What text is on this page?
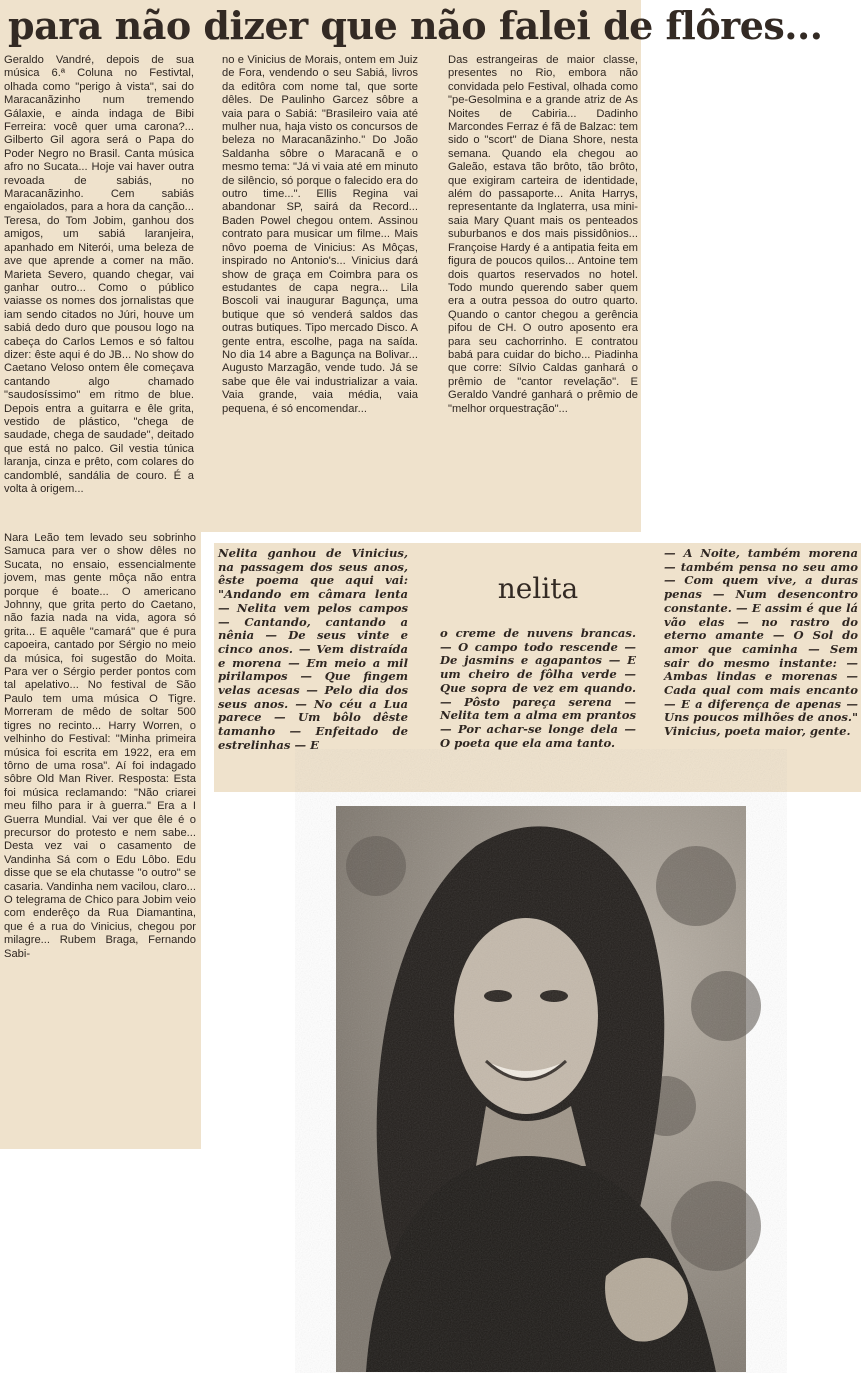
para não dizer que não falei de flôres...

Geraldo Vandré, depois de sua música 6.ª Coluna no Festivtal, olhada como "perigo à vista", sai do Maracanãzinho num tremendo Gálaxie, e ainda indaga de Bibi Ferreira: você quer uma carona?... Gilberto Gil agora será o Papa do Poder Negro no Brasil. Canta música afro no Sucata... Hoje vai haver outra revoada de sabiás, no Maracanãzinho. Cem sabiás engaiolados, para a hora da canção... Teresa, do Tom Jobim, ganhou dos amigos, um sabiá laranjeira, apanhado em Niterói, uma beleza de ave que aprende a comer na mão. Marieta Severo, quando chegar, vai ganhar outro... Como o público vaiasse os nomes dos jornalistas que iam sendo citados no Júri, houve um sabiá dedo duro que pousou logo na cabeça do Carlos Lemos e só faltou dizer: êste aqui é do JB... No show do Caetano Veloso ontem êle começava cantando algo chamado "saudosíssimo" em ritmo de blue. Depois entra a guitarra e êle grita, vestido de plástico, "chega de saudade, chega de saudade", deitado que está no palco. Gil vestia túnica laranja, cinza e prêto, com colares do candomblé, sandália de couro. É a volta à origem...

no e Vinicius de Morais, ontem em Juiz de Fora, vendendo o seu Sabiá, livros da editôra com nome tal, que sorte dêles. De Paulinho Garcez sôbre a vaia para o Sabiá: "Brasileiro vaia até mulher nua, haja visto os concursos de beleza no Maracanãzinho." Do João Saldanha sôbre o Maracanã e o mesmo tema: "Já vi vaia até em minuto de silêncio, só porque o falecido era do outro time...". Ellis Regina vai abandonar SP, sairá da Record... Baden Powel chegou ontem. Assinou contrato para musicar um filme... Mais nôvo poema de Vinicius: As Môças, inspirado no Antonio's... Vinicius dará show de graça em Coimbra para os estudantes de capa negra... Lila Boscoli vai inaugurar Bagunça, uma butique que só venderá saldos das outras butiques. Tipo mercado Disco. A gente entra, escolhe, paga na saída. No dia 14 abre a Bagunça na Bolivar... Augusto Marzagão, vende tudo. Já se sabe que êle vai industrializar a vaia. Vaia grande, vaia média, vaia pequena, é só encomendar...

Das estrangeiras de maior classe, presentes no Rio, embora não convidada pelo Festival, olhada como "pe-Gesolmina e a grande atriz de As Noites de Cabiria... Dadinho Marcondes Ferraz é fã de Balzac: tem sido o "scort" de Diana Shore, nesta semana. Quando ela chegou ao Galeão, estava tão brôto, tão brôto, que exigiram carteira de identidade, além do passaporte... Anita Harrys, representante da Inglaterra, usa mini-saia Mary Quant mais os penteados suburbanos e dos mais pissidônios... Françoise Hardy é a antipatia feita em figura de poucos quilos... Antoine tem dois quartos reservados no hotel. Todo mundo querendo saber quem era a outra pessoa do outro quarto. Quando o cantor chegou a gerência pifou de CH. O outro aposento era para seu cachorrinho. E contratou babá para cuidar do bicho... Piadinha que corre: Sílvio Caldas ganhará o prêmio de "cantor revelação". E Geraldo Vandré ganhará o prêmio de "melhor orquestração"...

Nara Leão tem levado seu sobrinho Samuca para ver o show dêles no Sucata, no ensaio, essencialmente jovem, mas gente môça não entra porque é boate... O americano Johnny, que grita perto do Caetano, não fazia nada na vida, agora só grita... E aquêle "camará" que é pura capoeira, cantado por Sérgio no meio da música, foi sugestão do Moita. Para ver o Sérgio perder pontos com tal apelativo... No festival de São Paulo tem uma música O Tigre. Morreram de mêdo de soltar 500 tigres no recinto... Harry Worren, o velhinho do Festival: "Minha primeira música foi escrita em 1922, era em tôrno de uma rosa". Aí foi indagado sôbre Old Man River. Resposta: Esta foi música reclamando: "Não criarei meu filho para ir à guerra." Era a I Guerra Mundial. Vai ver que êle é o precursor do protesto e nem sabe... Desta vez vai o casamento de Vandinha Sá com o Edu Lôbo. Edu disse que se ela chutasse "o outro" se casaria. Vandinha nem vacilou, claro... O telegrama de Chico para Jobim veio com enderêço da Rua Diamantina, que é a rua do Vinicius, chegou por milagre... Rubem Braga, Fernando Sabi-

Nelita ganhou de Vinicius, na passagem dos seus anos, êste poema que aqui vai: "Andando em câmara lenta — Nelita vem pelos campos — Cantando, cantando a nênia — De seus vinte e cinco anos. — Vem distraída e morena — Em meio a mil pirilampos — Que fingem velas acesas — Pelo dia dos seus anos. — No céu a Lua parece — Um bôlo dêste tamanho — Enfeitado de estrelinhas — E

nelita

o creme de nuvens brancas. — O campo todo rescende — De jasmins e agapantos — E um cheiro de fôlha verde — Que sopra de vez em quando. — Pôsto pareça serena — Nelita tem a alma em prantos — Por achar-se longe dela — O poeta que ela ama tanto.

— A Noite, também morena — também pensa no seu amo — Com quem vive, a duras penas — Num desencontro constante. — E assim é que lá vão elas — no rastro do eterno amante — O Sol do amor que caminha — Sem sair do mesmo instante: — Ambas lindas e morenas — Cada qual com mais encanto — E a diferença de apenas — Uns poucos milhões de anos." Vinicius, poeta maior, gente.
